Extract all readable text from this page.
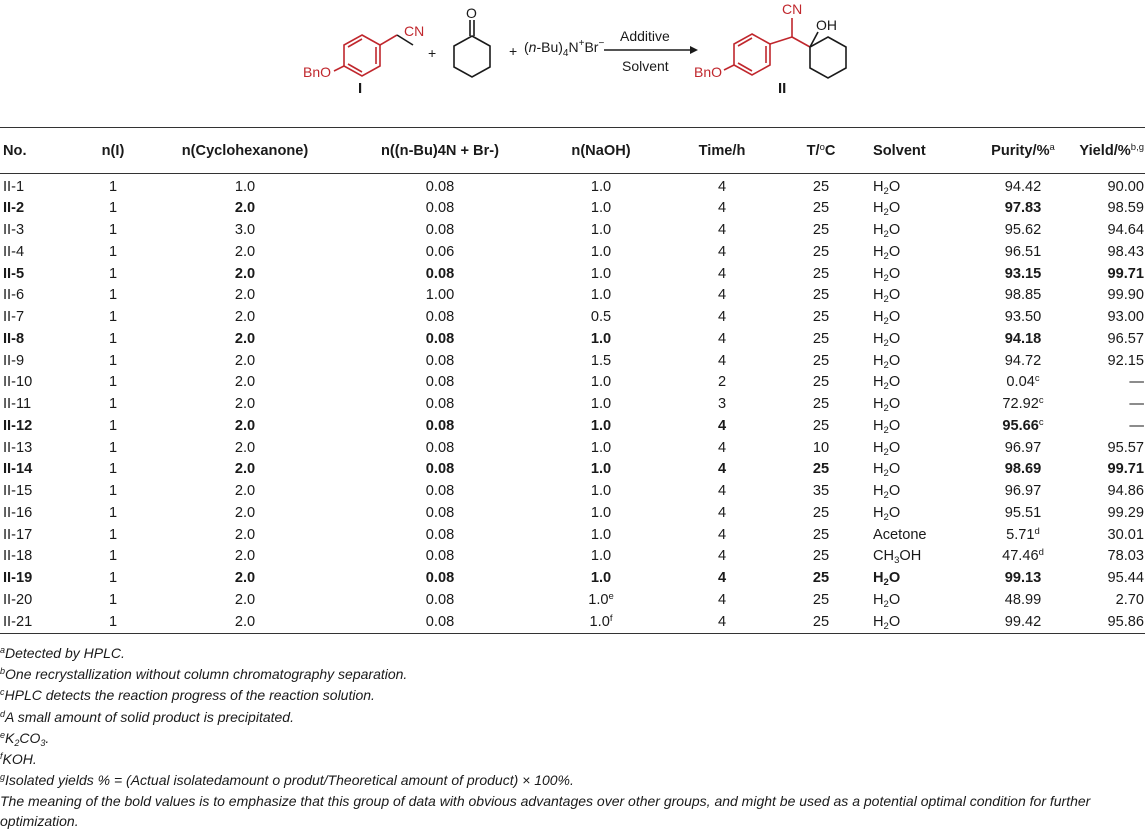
CN
BnO
I
+
O
+ $(n-Bu)_4N^+Br^-$ Additive
Solvent
CN
OH
BnO
II
No.	n(I)	n(Cyclohexanone)	n((n-Bu)4N + Br-)	n(NaOH)	Time/h	T/$^o$C	Solvent	Purity/%$^a$	Yield/%$^{b,g}$
II-1	1	1.0	0.08	1.0	4	25	$H_2O$	94.42	90.00
II-2	1	2.0	0.08	1.0	4	25	$H_2O$	97.83	98.59
II-3	1	3.0	0.08	1.0	4	25	$H_2O$	95.62	94.64
II-4	1	2.0	0.06	1.0	4	25	$H_2O$	96.51	98.43
II-5	1	2.0	0.08	1.0	4	25	$H_2O$	93.15	99.71
II-6	1	2.0	1.00	1.0	4	25	$H_2O$	98.85	99.90
II-7	1	2.0	0.08	0.5	4	25	$H_2O$	93.50	93.00
II-8	1	2.0	0.08	1.0	4	25	$H_2O$	94.18	96.57
II-9	1	2.0	0.08	1.5	4	25	$H_2O$	94.72	92.15
II-10	1	2.0	0.08	1.0	2	25	$H_2O$	0.04$^c$	—
II-11	1	2.0	0.08	1.0	3	25	$H_2O$	72.92$^c$	—
II-12	1	2.0	0.08	1.0	4	25	$H_2O$	95.66$^c$	—
II-13	1	2.0	0.08	1.0	4	10	$H_2O$	96.97	95.57
II-14	1	2.0	0.08	1.0	4	25	$H_2O$	98.69	99.71
II-15	1	2.0	0.08	1.0	4	35	$H_2O$	96.97	94.86
II-16	1	2.0	0.08	1.0	4	25	$H_2O$	95.51	99.29
II-17	1	2.0	0.08	1.0	4	25	Acetone	5.71$^d$	30.01
II-18	1	2.0	0.08	1.0	4	25	$CH_3OH$	47.46$^d$	78.03
II-19	1	2.0	0.08	1.0	4	25	$H_2O$	99.13	95.44
II-20	1	2.0	0.08	1.0e	4	25	$H_2O$	48.99	2.70
II-21	1	2.0	0.08	1.0$^f$	4	25	$H_2O$	99.42	95.86
$^a$Detected by HPLC.
$^b$One recrystallization without column chromatography separation.
$^c$HPLC detects the reaction progress of the reaction solution.
$^d$A small amount of solid product is precipitated.
$^eK_2CO_3$.
$^f$KOH.
$^g$Isolated yields % = (Actual isolatedamount o produt/Theoretical amount of product) × 100%.
The meaning of the bold values is to emphasize that this group of data with obvious advantages over other groups, and might be used as a potential optimal condition for further optimization.
